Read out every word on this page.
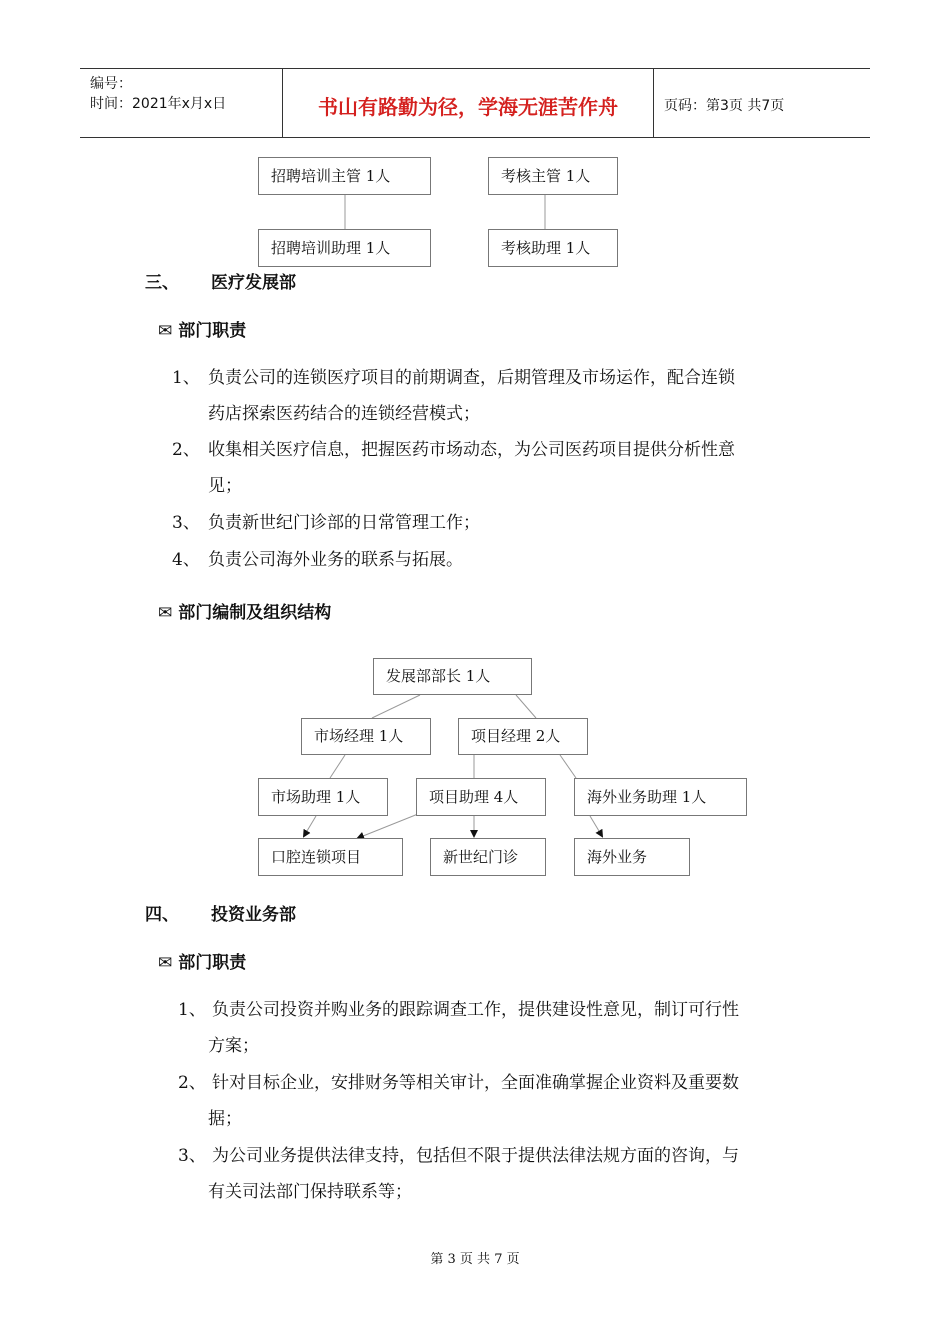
编号：
时间：2021年x月x日	书山有路勤为径，学海无涯苦作舟	页码：第3页 共7页
招聘培训主管 1人	考核主管 1人
招聘培训助理 1人	考核助理 1人
三、 医疗发展部
✉ 部门职责
1、 负责公司的连锁医疗项目的前期调查，后期管理及市场运作，配合连锁
药店探索医药结合的连锁经营模式；
2、 收集相关医疗信息，把握医药市场动态，为公司医药项目提供分析性意
见；
3、 负责新世纪门诊部的日常管理工作；
4、 负责公司海外业务的联系与拓展。
✉ 部门编制及组织结构
发展部部长 1人
市场经理 1人	项目经理 2人
市场助理 1人	项目助理 4人	海外业务助理 1人
口腔连锁项目	新世纪门诊	海外业务
四、 投资业务部
✉ 部门职责
1、 负责公司投资并购业务的跟踪调查工作，提供建设性意见，制订可行性
方案；
2、 针对目标企业，安排财务等相关审计，全面准确掌握企业资料及重要数
据；
3、 为公司业务提供法律支持，包括但不限于提供法律法规方面的咨询，与
有关司法部门保持联系等；
第 3 页 共 7 页
